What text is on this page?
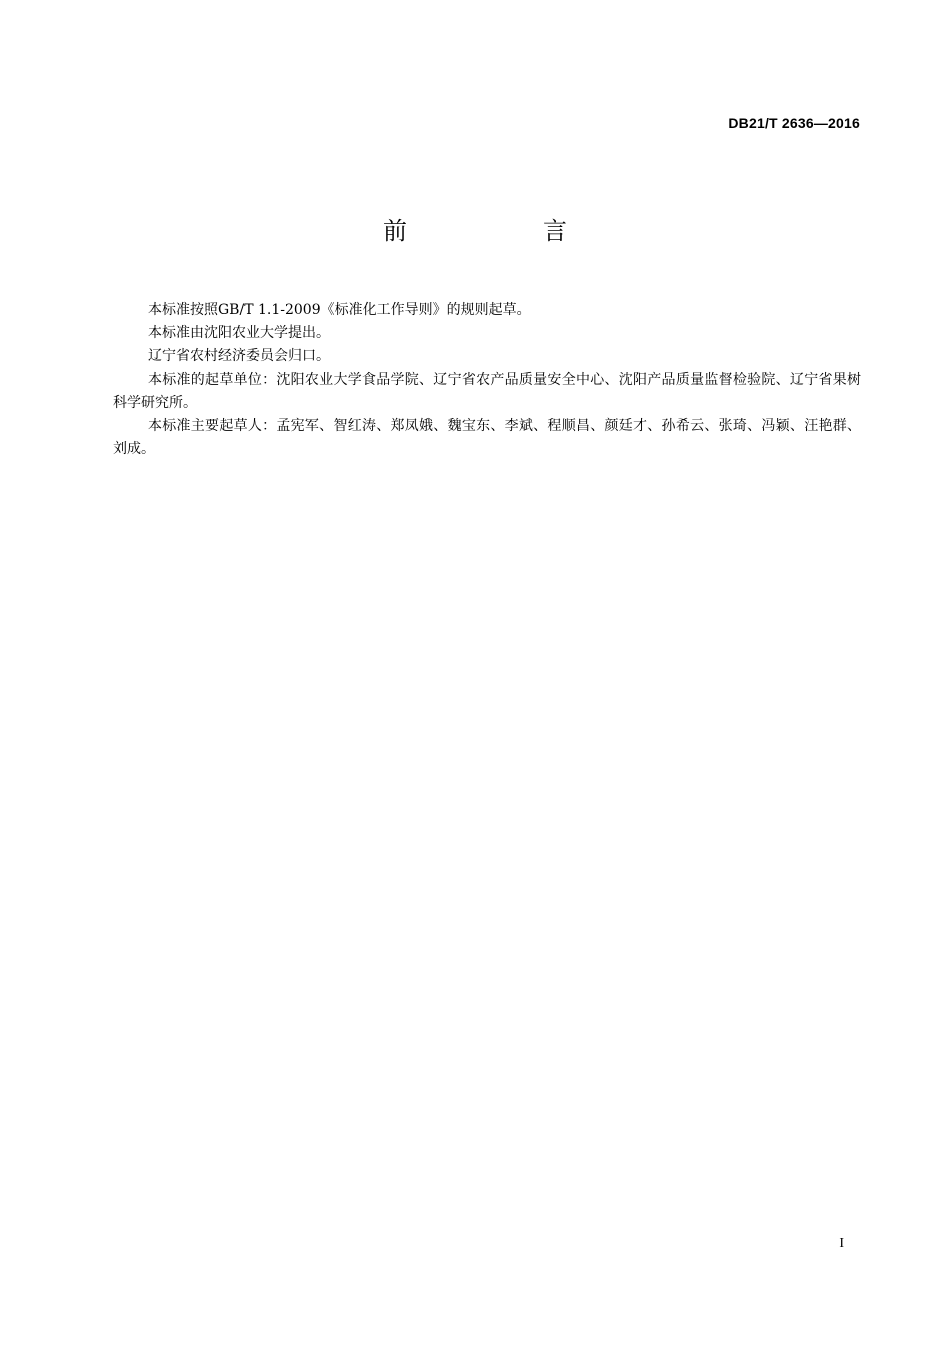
DB21/T 2636—2016
前　言

本标准按照GB/T 1.1-2009《标准化工作导则》的规则起草。

本标准由沈阳农业大学提出。

辽宁省农村经济委员会归口。

本标准的起草单位：沈阳农业大学食品学院、辽宁省农产品质量安全中心、沈阳产品质量监督检验院、辽宁省果树科学研究所。

本标准主要起草人：孟宪军、智红涛、郑凤娥、魏宝东、李斌、程顺昌、颜廷才、孙希云、张琦、冯颖、汪艳群、刘成。

I
